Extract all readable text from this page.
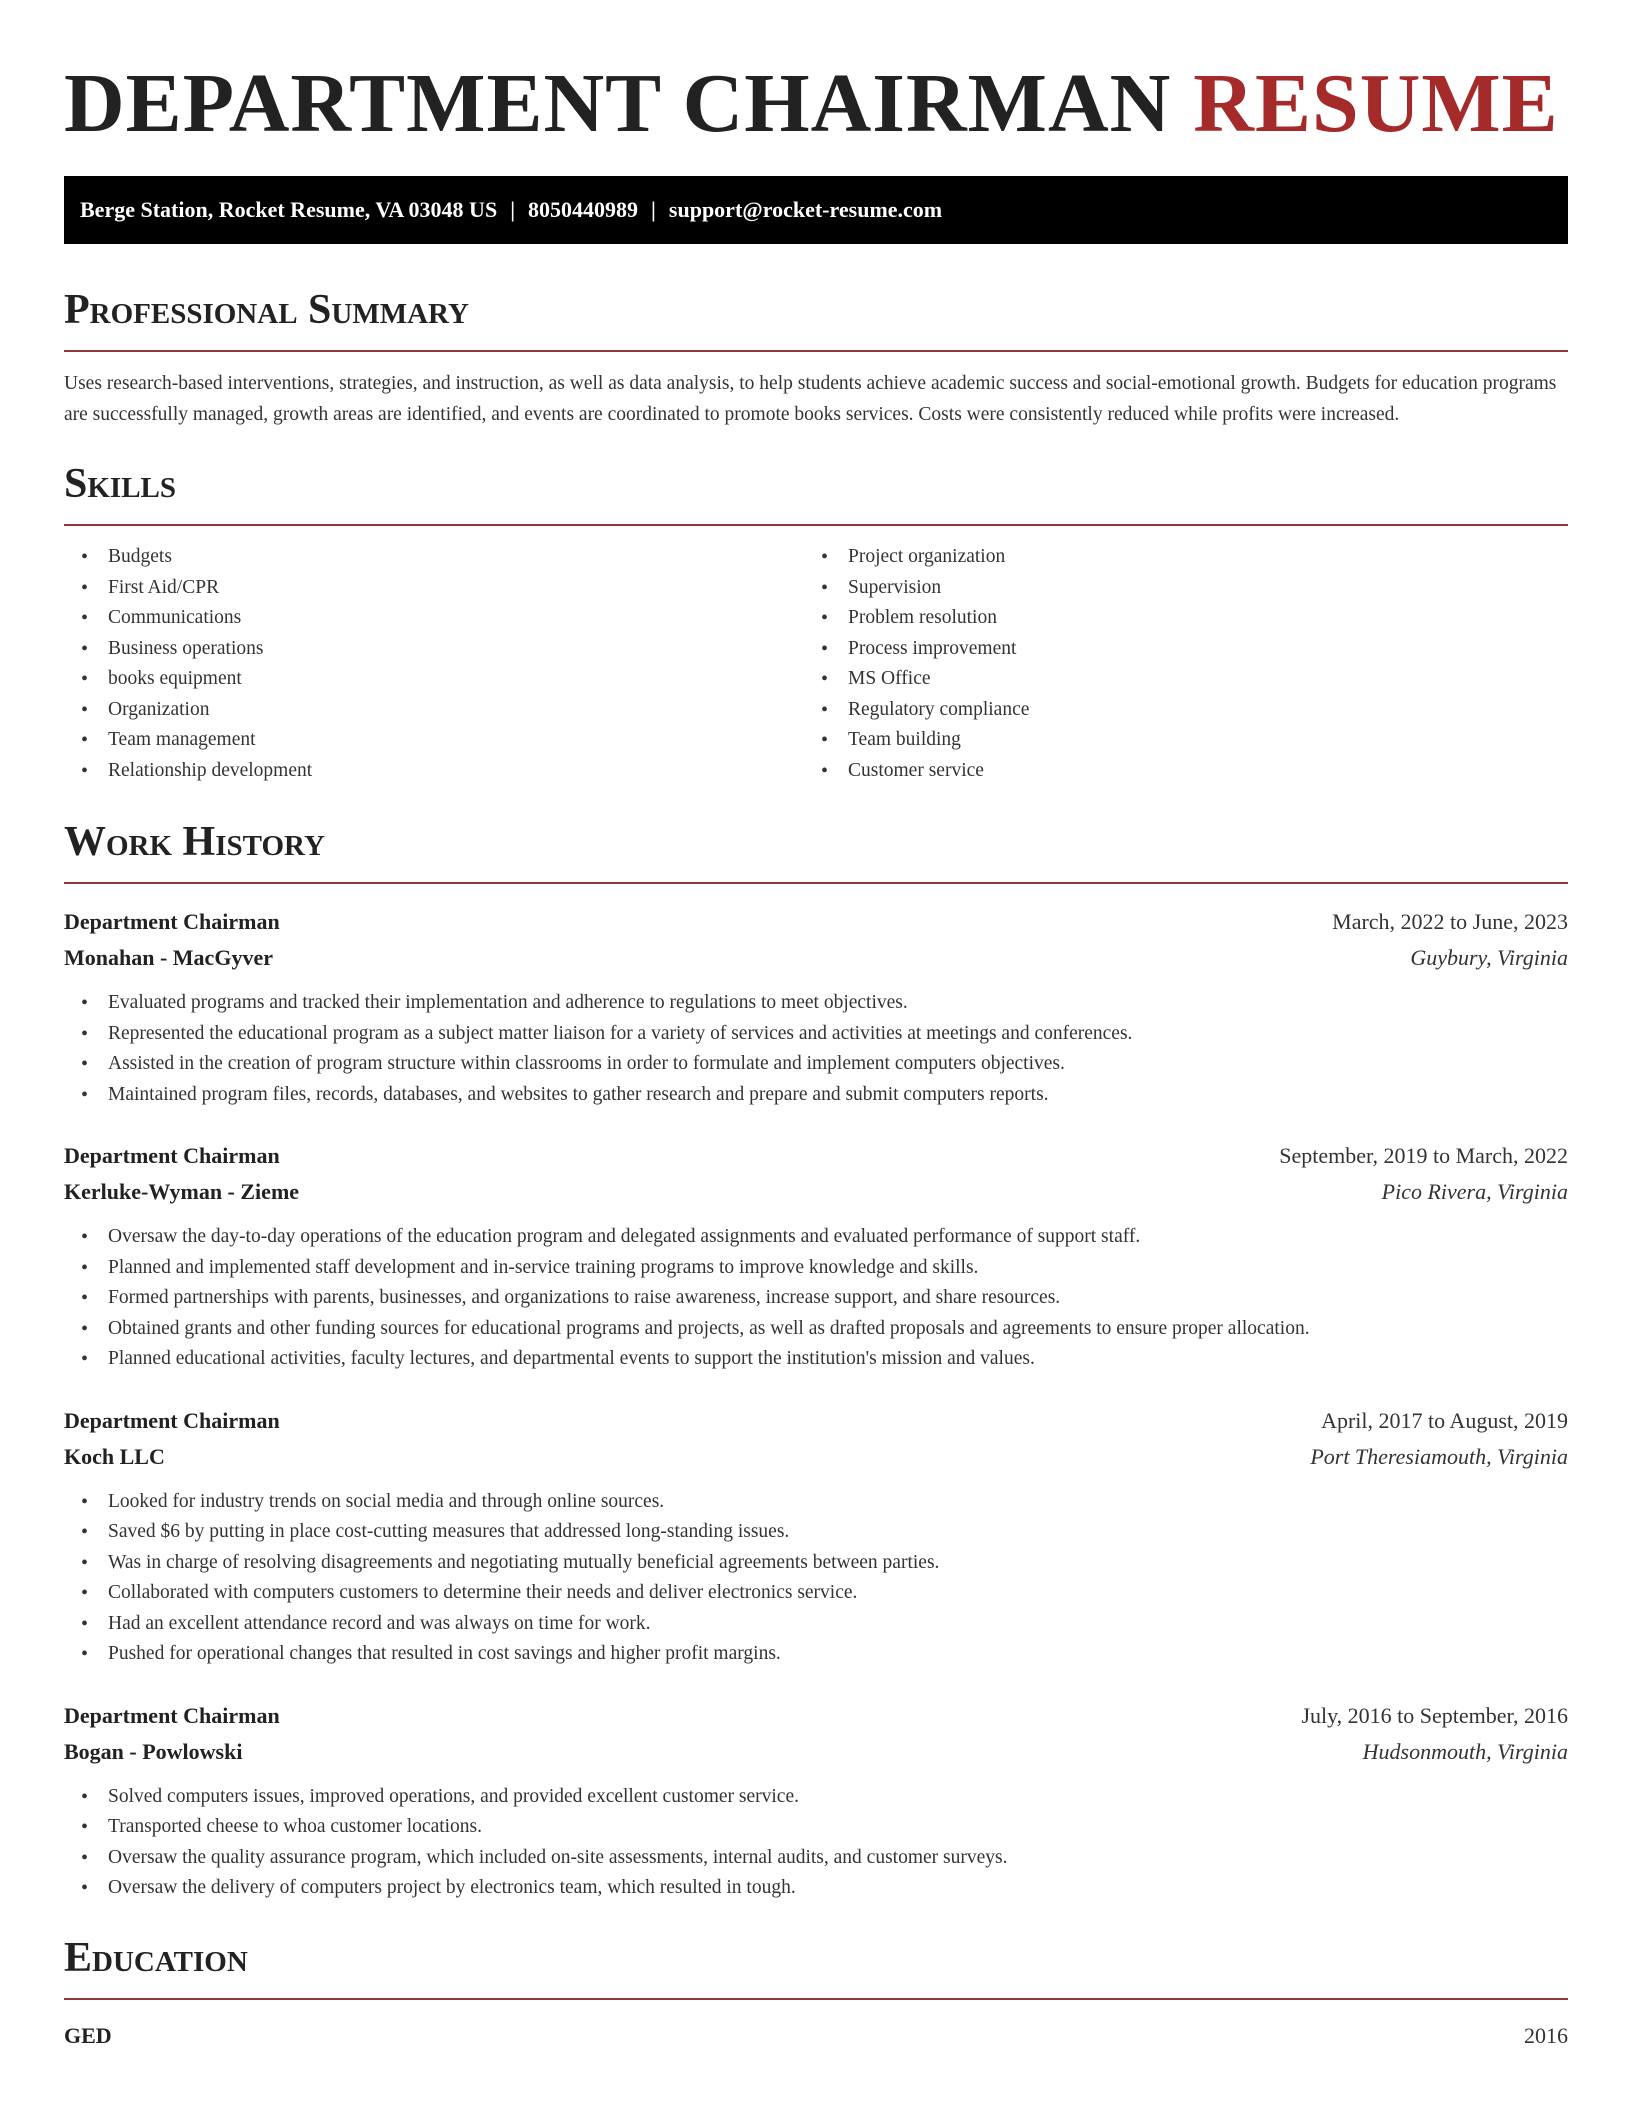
DEPARTMENT CHAIRMAN RESUME
Berge Station, Rocket Resume, VA 03048 US | 8050440989 | support@rocket-resume.com
Professional Summary

Uses research-based interventions, strategies, and instruction, as well as data analysis, to help students achieve academic success and social-emotional growth. Budgets for education programs are successfully managed, growth areas are identified, and events are coordinated to promote books services. Costs were consistently reduced while profits were increased.

Skills
• Budgets
• First Aid/CPR
• Communications
• Business operations
• books equipment
• Organization
• Team management
• Relationship development
• Project organization
• Supervision
• Problem resolution
• Process improvement
• MS Office
• Regulatory compliance
• Team building
• Customer service
Work History
Department Chairman	March, 2022 to June, 2023
Monahan - MacGyver	Guybury, Virginia
• Evaluated programs and tracked their implementation and adherence to regulations to meet objectives.
• Represented the educational program as a subject matter liaison for a variety of services and activities at meetings and conferences.
• Assisted in the creation of program structure within classrooms in order to formulate and implement computers objectives.
• Maintained program files, records, databases, and websites to gather research and prepare and submit computers reports.
Department Chairman	September, 2019 to March, 2022
Kerluke-Wyman - Zieme	Pico Rivera, Virginia
• Oversaw the day-to-day operations of the education program and delegated assignments and evaluated performance of support staff.
• Planned and implemented staff development and in-service training programs to improve knowledge and skills.
• Formed partnerships with parents, businesses, and organizations to raise awareness, increase support, and share resources.
• Obtained grants and other funding sources for educational programs and projects, as well as drafted proposals and agreements to ensure proper allocation.
• Planned educational activities, faculty lectures, and departmental events to support the institution's mission and values.
Department Chairman	April, 2017 to August, 2019
Koch LLC	Port Theresiamouth, Virginia
• Looked for industry trends on social media and through online sources.
• Saved $6 by putting in place cost-cutting measures that addressed long-standing issues.
• Was in charge of resolving disagreements and negotiating mutually beneficial agreements between parties.
• Collaborated with computers customers to determine their needs and deliver electronics service.
• Had an excellent attendance record and was always on time for work.
• Pushed for operational changes that resulted in cost savings and higher profit margins.
Department Chairman	July, 2016 to September, 2016
Bogan - Powlowski	Hudsonmouth, Virginia
• Solved computers issues, improved operations, and provided excellent customer service.
• Transported cheese to whoa customer locations.
• Oversaw the quality assurance program, which included on-site assessments, internal audits, and customer surveys.
• Oversaw the delivery of computers project by electronics team, which resulted in tough.
Education
GED	2016
